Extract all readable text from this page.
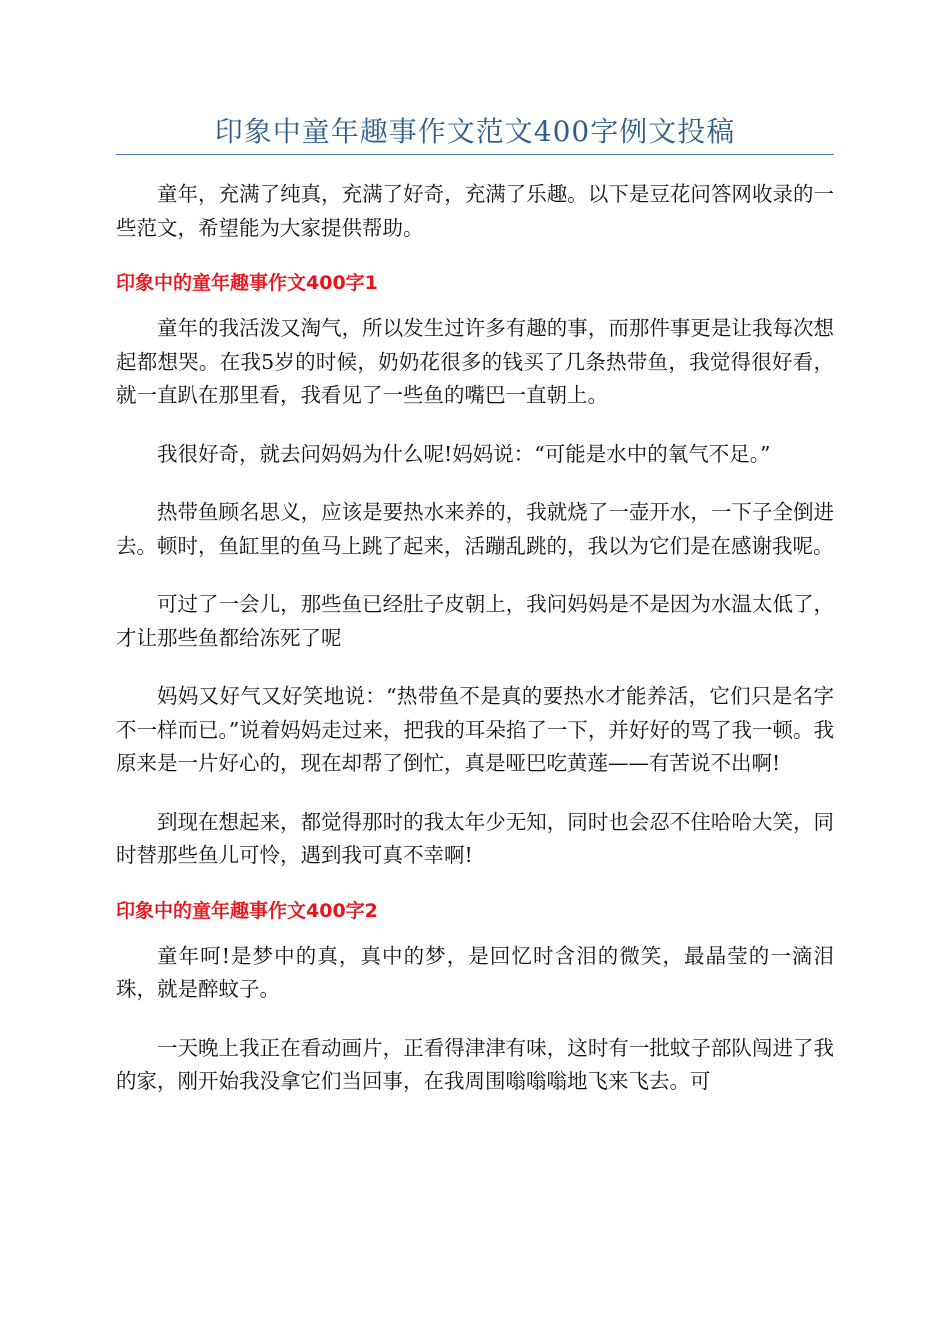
印象中童年趣事作文范文400字例文投稿

童年，充满了纯真，充满了好奇，充满了乐趣。以下是豆花问答网收录的一些范文，希望能为大家提供帮助。

印象中的童年趣事作文400字1

童年的我活泼又淘气，所以发生过许多有趣的事，而那件事更是让我每次想起都想哭。在我5岁的时候，奶奶花很多的钱买了几条热带鱼，我觉得很好看，就一直趴在那里看，我看见了一些鱼的嘴巴一直朝上。

我很好奇，就去问妈妈为什么呢!妈妈说：“可能是水中的氧气不足。”

热带鱼顾名思义，应该是要热水来养的，我就烧了一壶开水，一下子全倒进去。顿时，鱼缸里的鱼马上跳了起来，活蹦乱跳的，我以为它们是在感谢我呢。

可过了一会儿，那些鱼已经肚子皮朝上，我问妈妈是不是因为水温太低了，才让那些鱼都给冻死了呢

妈妈又好气又好笑地说：“热带鱼不是真的要热水才能养活，它们只是名字不一样而已。”说着妈妈走过来，把我的耳朵掐了一下，并好好的骂了我一顿。我原来是一片好心的，现在却帮了倒忙，真是哑巴吃黄莲——有苦说不出啊!

到现在想起来，都觉得那时的我太年少无知，同时也会忍不住哈哈大笑，同时替那些鱼儿可怜，遇到我可真不幸啊!

印象中的童年趣事作文400字2

童年呵!是梦中的真，真中的梦，是回忆时含泪的微笑，最晶莹的一滴泪珠，就是醉蚊子。

一天晚上我正在看动画片，正看得津津有味，这时有一批蚊子部队闯进了我的家，刚开始我没拿它们当回事，在我周围嗡嗡嗡地飞来飞去。可
